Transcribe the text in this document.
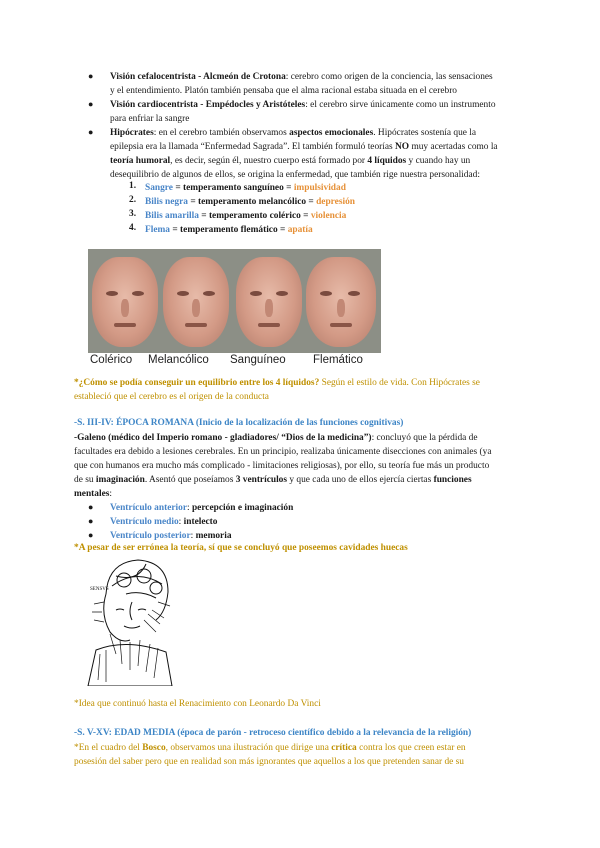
● Visión cefalocentrista - Alcmeón de Crotona: cerebro como origen de la conciencia, las sensaciones
y el entendimiento. Platón también pensaba que el alma racional estaba situada en el cerebro
● Visión cardiocentrista - Empédocles y Aristóteles: el cerebro sirve únicamente como un instrumento
para enfriar la sangre
● Hipócrates: en el cerebro también observamos aspectos emocionales. Hipócrates sostenía que la
epilepsia era la llamada “Enfermedad Sagrada”. El también formuló teorías NO muy acertadas como la
teoría humoral, es decir, según él, nuestro cuerpo está formado por 4 líquidos y cuando hay un
desequilibrio de algunos de ellos, se origina la enfermedad, que también rige nuestra personalidad:
1. Sangre = temperamento sanguíneo = impulsividad
2. Bilis negra = temperamento melancólico = depresión
3. Bilis amarilla = temperamento colérico = violencia
4. Flema = temperamento flemático = apatía
Colérico Melancólico Sanguíneo Flemático
*¿Cómo se podía conseguir un equilibrio entre los 4 líquidos? Según el estilo de vida. Con Hipócrates se
estableció que el cerebro es el origen de la conducta
-S. III-IV: ÉPOCA ROMANA (Inicio de la localización de las funciones cognitivas)
-Galeno (médico del Imperio romano - gladiadores/ “Dios de la medicina”): concluyó que la pérdida de
facultades era debido a lesiones cerebrales. En un principio, realizaba únicamente disecciones con animales (ya
que con humanos era mucho más complicado - limitaciones religiosas), por ello, su teoría fue más un producto
de su imaginación. Asentó que poseíamos 3 ventrículos y que cada uno de ellos ejercía ciertas funciones
mentales:
● Ventrículo anterior: percepción e imaginación
● Ventrículo medio: intelecto
● Ventrículo posterior: memoria
*A pesar de ser errónea la teoría, sí que se concluyó que poseemos cavidades huecas
SENSVS
*Idea que continuó hasta el Renacimiento con Leonardo Da Vinci
-S. V-XV: EDAD MEDIA (época de parón - retroceso científico debido a la relevancia de la religión)
*En el cuadro del Bosco, observamos una ilustración que dirige una crítica contra los que creen estar en
posesión del saber pero que en realidad son más ignorantes que aquellos a los que pretenden sanar de su
